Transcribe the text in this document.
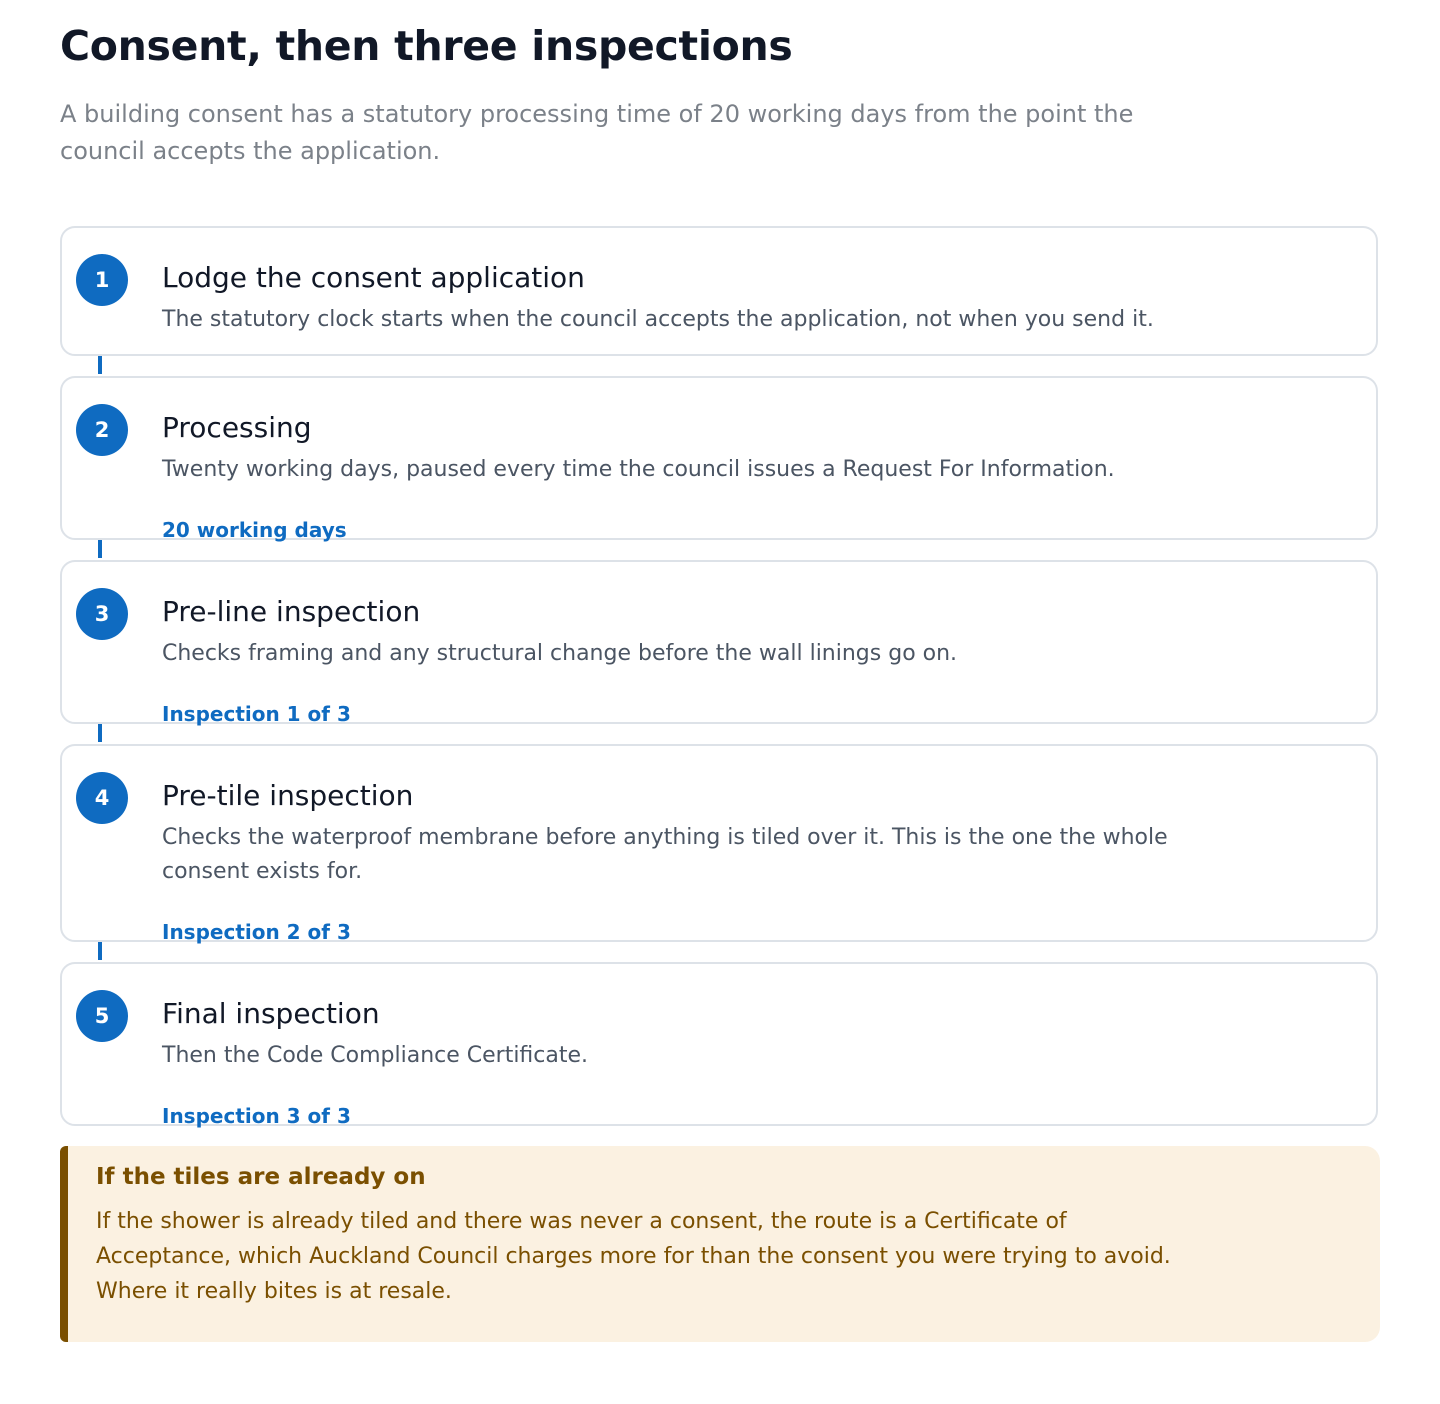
Consent, then three inspections

A building consent has a statutory processing time of 20 working days from the point the council accepts the application.

1	Lodge the consent application

The statutory clock starts when the council accepts the application, not when you send it.

2	Processing

Twenty working days, paused every time the council issues a Request For Information.

20 working days

3	Pre-line inspection

Checks framing and any structural change before the wall linings go on.

Inspection 1 of 3

4	Pre-tile inspection

Checks the waterproof membrane before anything is tiled over it. This is the one the whole consent exists for.

Inspection 2 of 3

5	Final inspection

Then the Code Compliance Certificate.

Inspection 3 of 3

If the tiles are already on

If the shower is already tiled and there was never a consent, the route is a Certificate of Acceptance, which Auckland Council charges more for than the consent you were trying to avoid. Where it really bites is at resale.
